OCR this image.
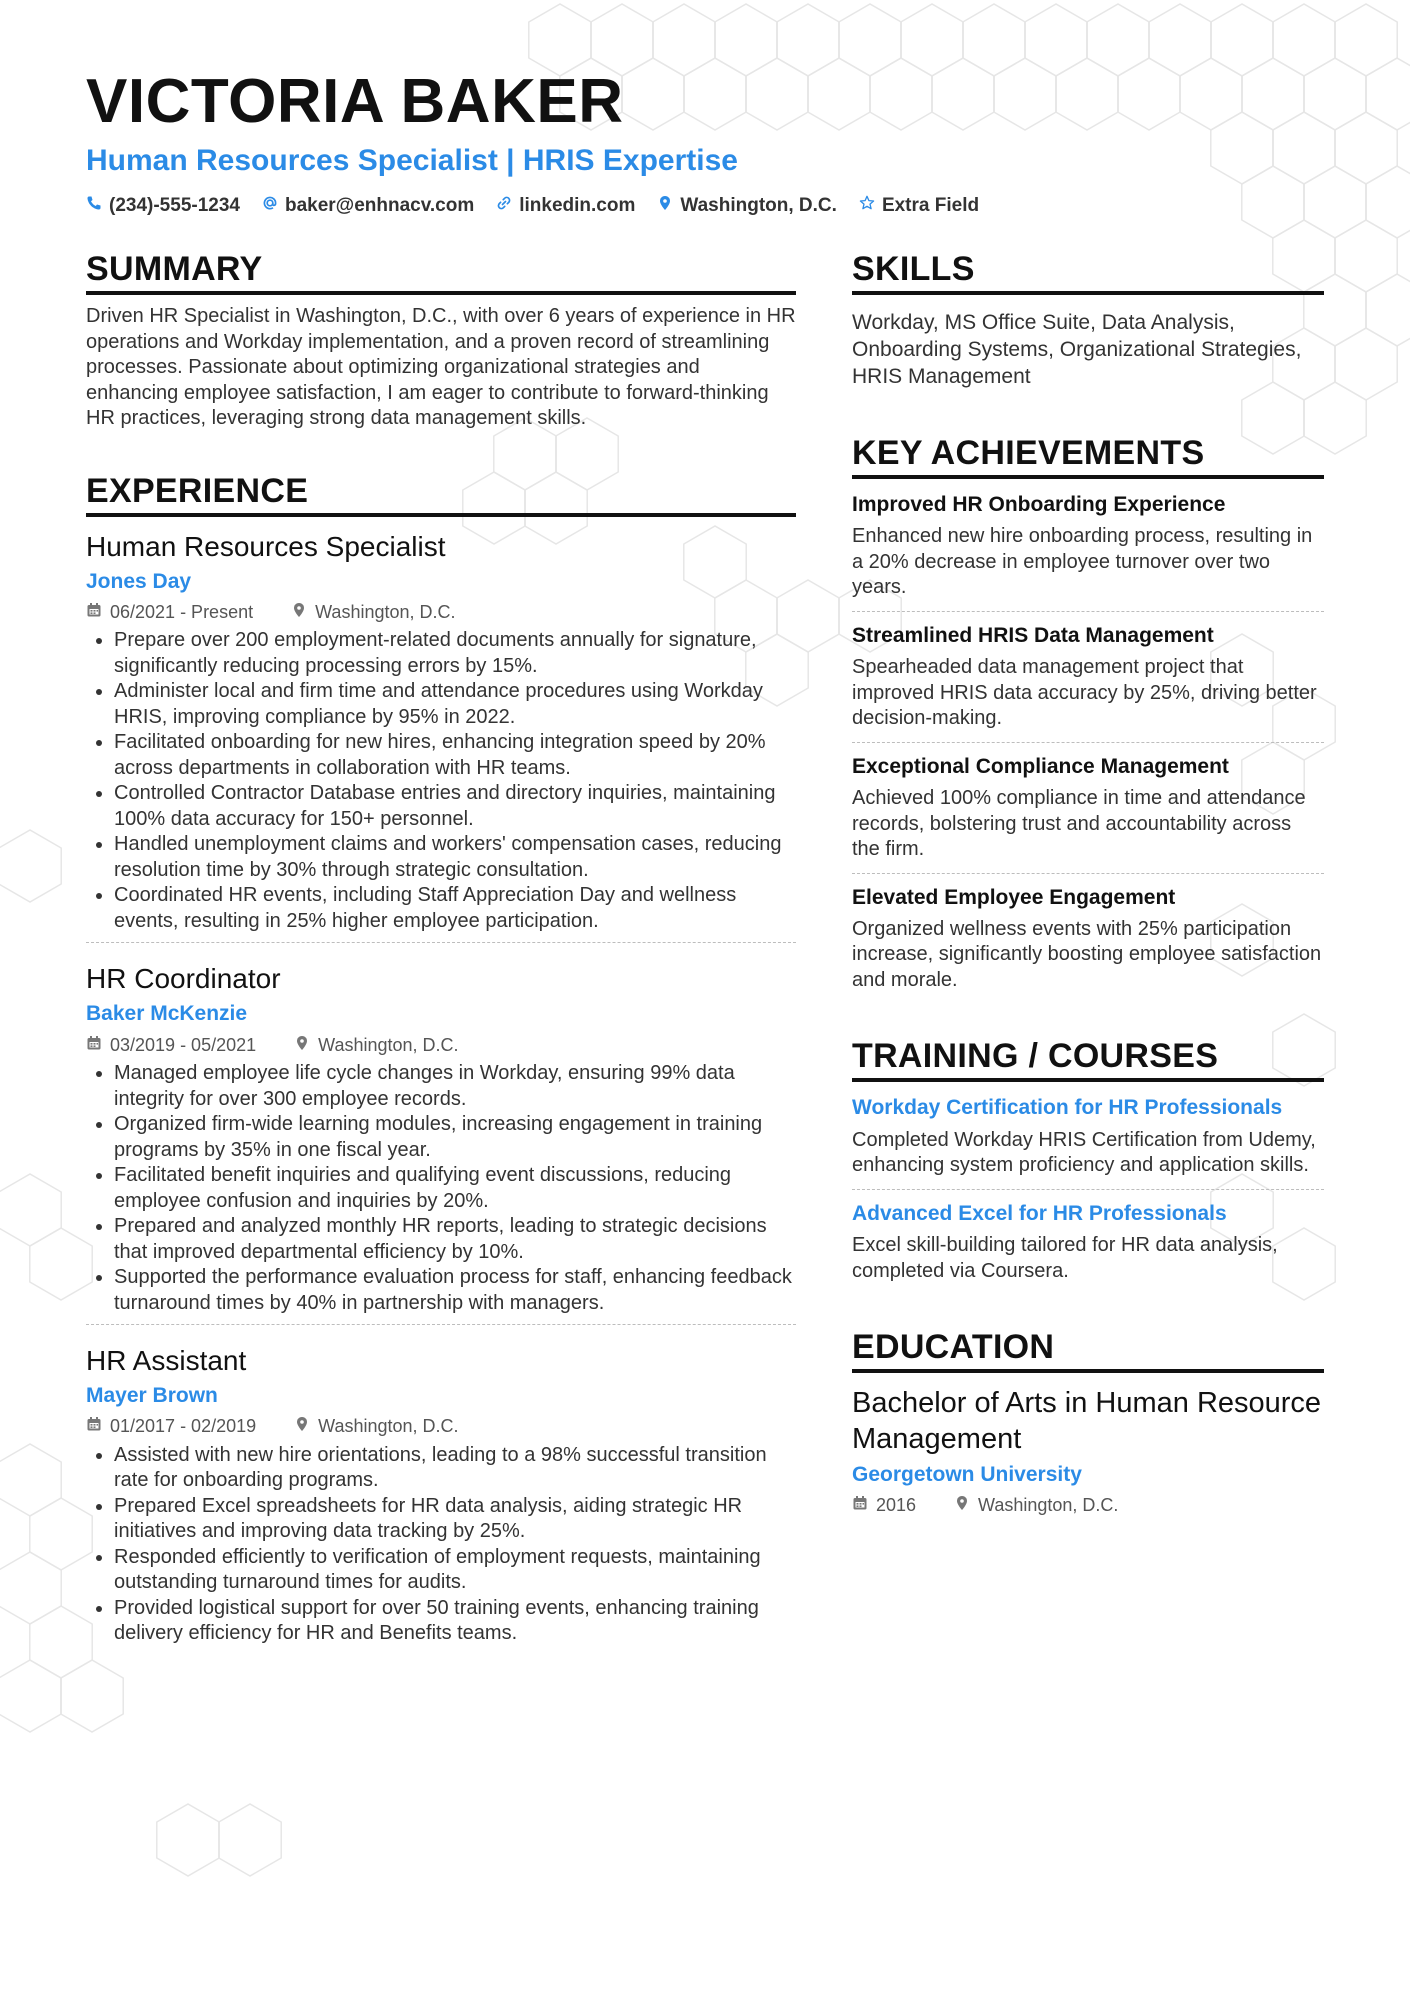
VICTORIA BAKER
Human Resources Specialist | HRIS Expertise
(234)-555-1234 baker@enhnacv.com linkedin.com Washington, D.C. Extra Field
SUMMARY
Driven HR Specialist in Washington, D.C., with over 6 years of experience in HR operations and Workday implementation, and a proven record of streamlining processes. Passionate about optimizing organizational strategies and enhancing employee satisfaction, I am eager to contribute to forward-thinking HR practices, leveraging strong data management skills.
EXPERIENCE
Human Resources Specialist
Jones Day
06/2021 - Present	Washington, D.C.
Prepare over 200 employment-related documents annually for signature, significantly reducing processing errors by 15%.
Administer local and firm time and attendance procedures using Workday HRIS, improving compliance by 95% in 2022.
Facilitated onboarding for new hires, enhancing integration speed by 20% across departments in collaboration with HR teams.
Controlled Contractor Database entries and directory inquiries, maintaining 100% data accuracy for 150+ personnel.
Handled unemployment claims and workers' compensation cases, reducing resolution time by 30% through strategic consultation.
Coordinated HR events, including Staff Appreciation Day and wellness events, resulting in 25% higher employee participation.
HR Coordinator
Baker McKenzie
03/2019 - 05/2021	Washington, D.C.
Managed employee life cycle changes in Workday, ensuring 99% data integrity for over 300 employee records.
Organized firm-wide learning modules, increasing engagement in training programs by 35% in one fiscal year.
Facilitated benefit inquiries and qualifying event discussions, reducing employee confusion and inquiries by 20%.
Prepared and analyzed monthly HR reports, leading to strategic decisions that improved departmental efficiency by 10%.
Supported the performance evaluation process for staff, enhancing feedback turnaround times by 40% in partnership with managers.
HR Assistant
Mayer Brown
01/2017 - 02/2019	Washington, D.C.
Assisted with new hire orientations, leading to a 98% successful transition rate for onboarding programs.
Prepared Excel spreadsheets for HR data analysis, aiding strategic HR initiatives and improving data tracking by 25%.
Responded efficiently to verification of employment requests, maintaining outstanding turnaround times for audits.
Provided logistical support for over 50 training events, enhancing training delivery efficiency for HR and Benefits teams.
SKILLS
Workday, MS Office Suite, Data Analysis, Onboarding Systems, Organizational Strategies, HRIS Management
KEY ACHIEVEMENTS
Improved HR Onboarding Experience
Enhanced new hire onboarding process, resulting in a 20% decrease in employee turnover over two years.
Streamlined HRIS Data Management
Spearheaded data management project that improved HRIS data accuracy by 25%, driving better decision-making.
Exceptional Compliance Management
Achieved 100% compliance in time and attendance records, bolstering trust and accountability across the firm.
Elevated Employee Engagement
Organized wellness events with 25% participation increase, significantly boosting employee satisfaction and morale.
TRAINING / COURSES
Workday Certification for HR Professionals
Completed Workday HRIS Certification from Udemy, enhancing system proficiency and application skills.
Advanced Excel for HR Professionals
Excel skill-building tailored for HR data analysis, completed via Coursera.
EDUCATION
Bachelor of Arts in Human Resource Management
Georgetown University
2016	Washington, D.C.
